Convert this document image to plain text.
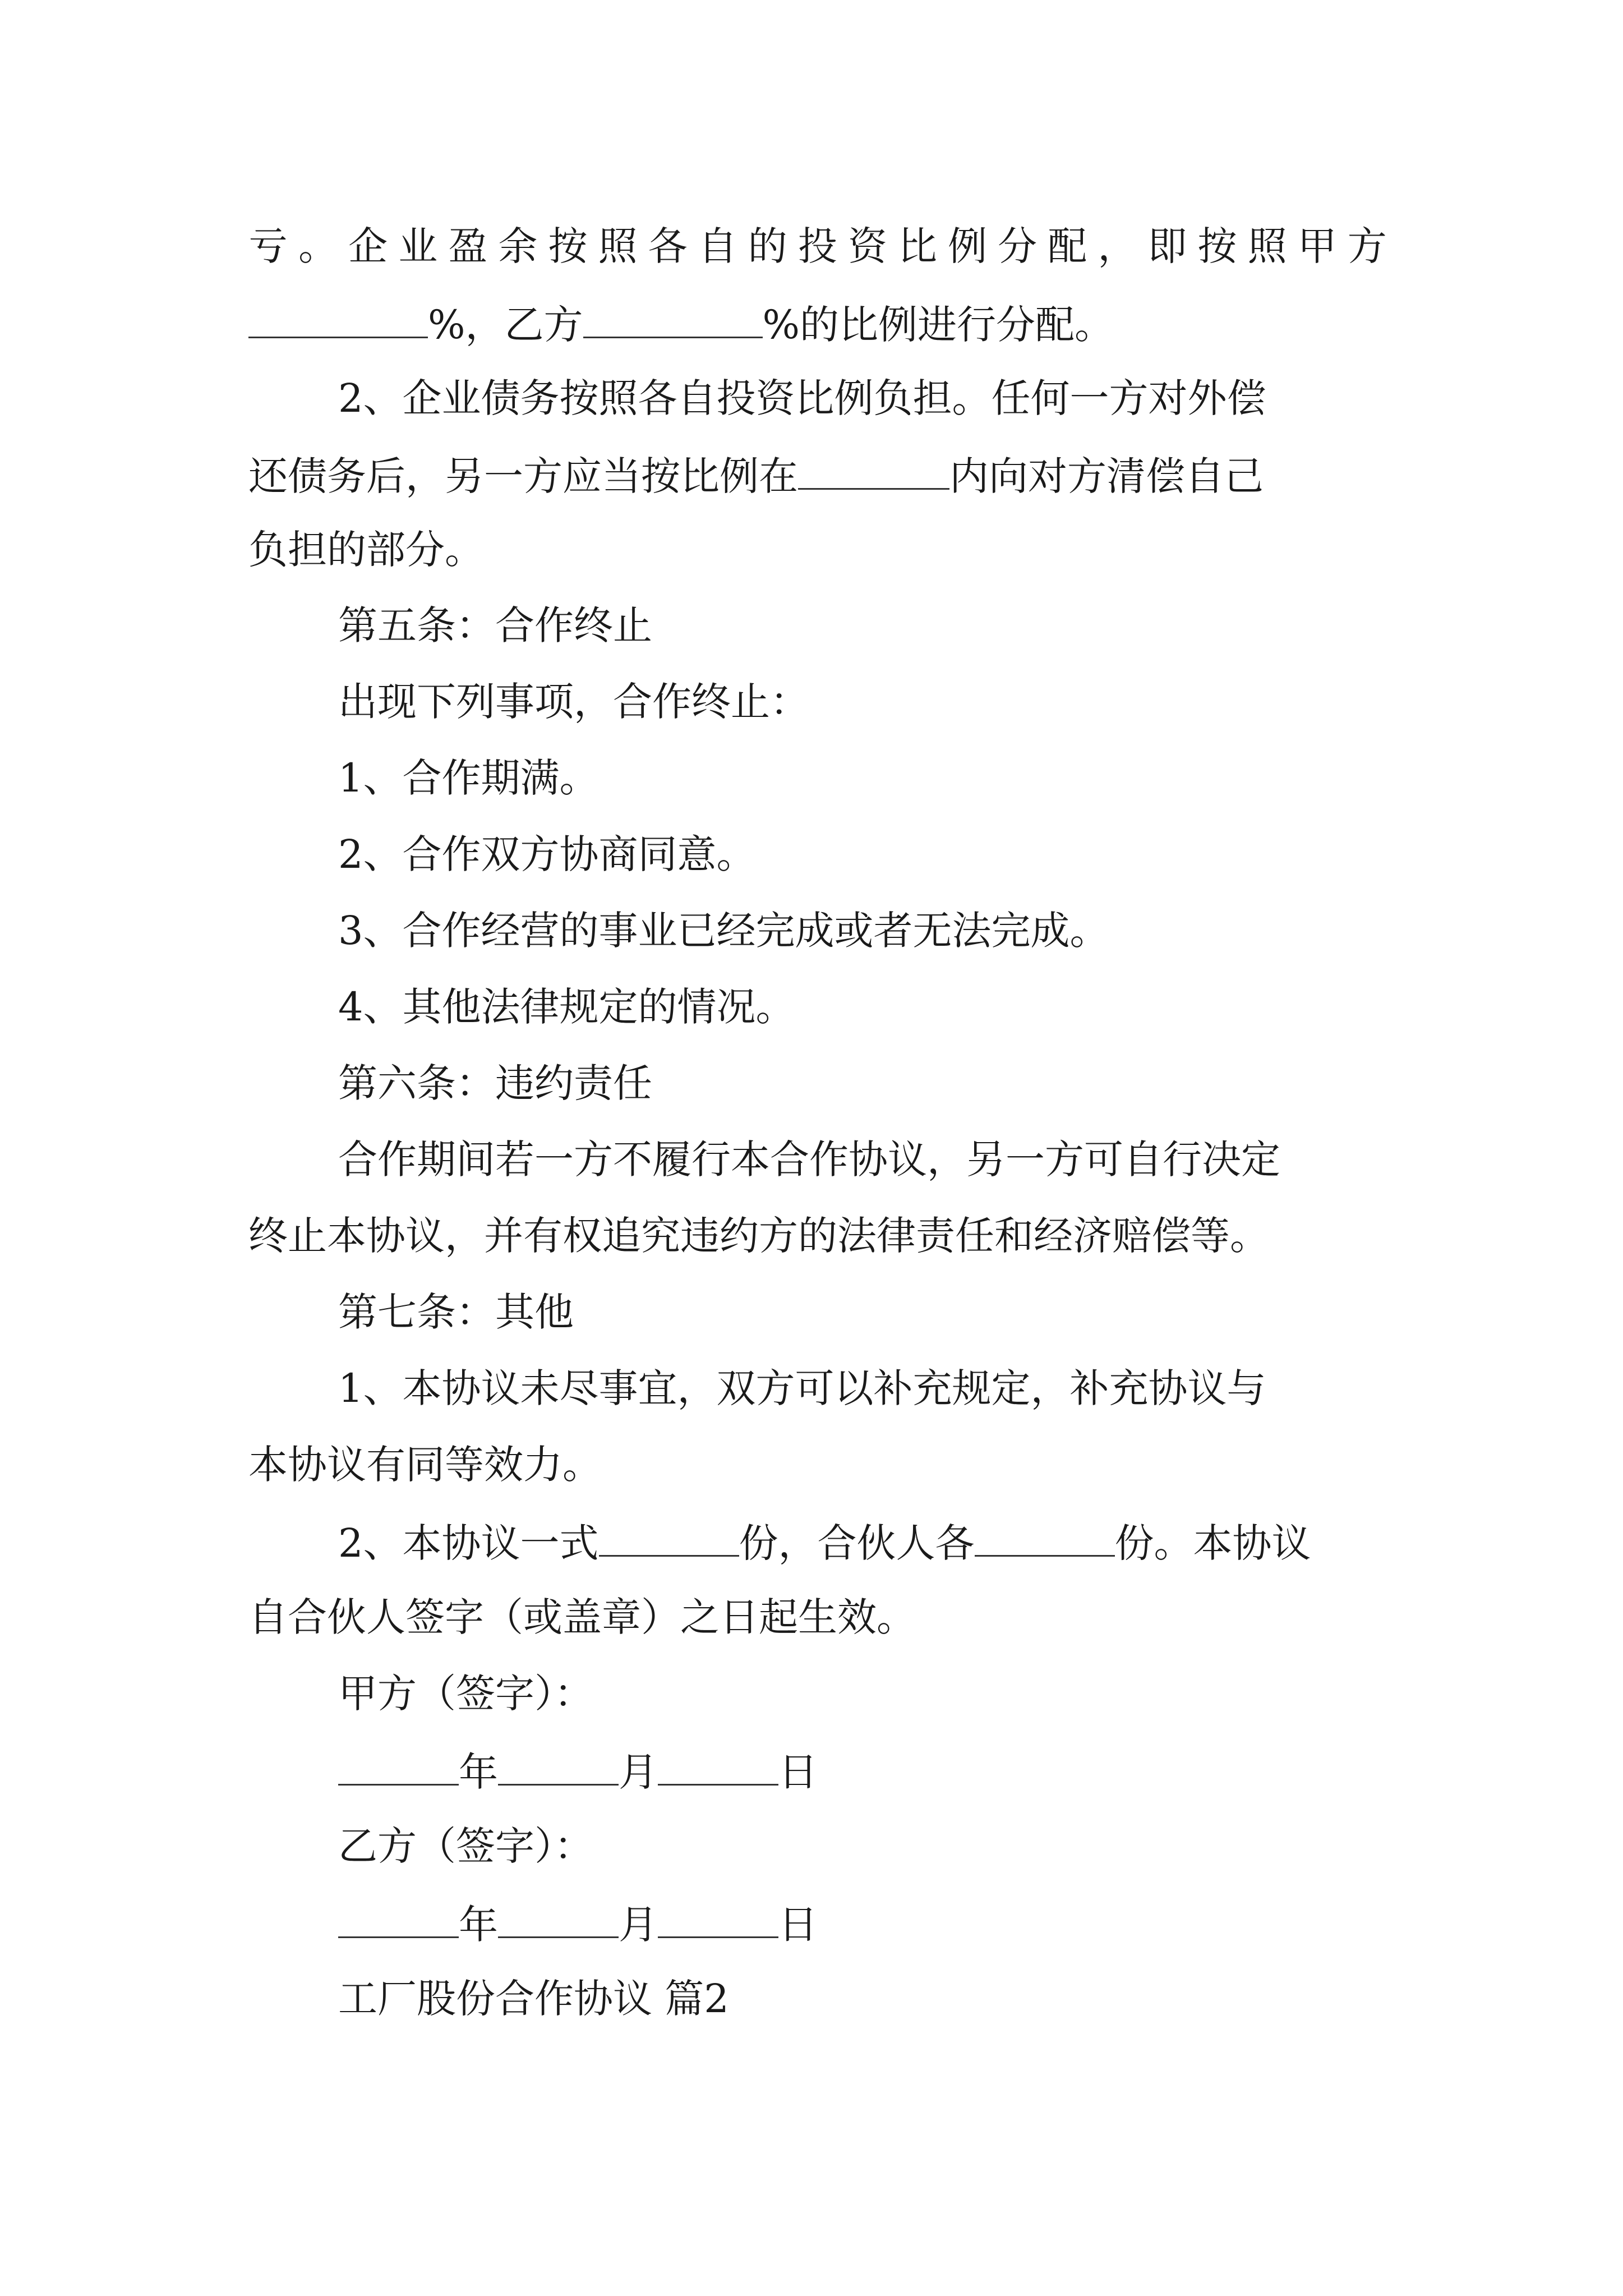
亏 。 企 业 盈 余 按 照 各 自 的 投 资 比 例 分 配 ， 即 按 照 甲 方
%，乙方	%的比例进行分配。
2、企业债务按照各自投资比例负担。任何一方对外偿
还债务后，另一方应当按比例在	内向对方清偿自己
负担的部分。
第五条：合作终止
出现下列事项，合作终止：
1、合作期满。
2、合作双方协商同意。
3、合作经营的事业已经完成或者无法完成。
4、其他法律规定的情况。
第六条：违约责任
合作期间若一方不履行本合作协议，另一方可自行决定
终止本协议，并有权追究违约方的法律责任和经济赔偿等。
第七条：其他
1、本协议未尽事宜，双方可以补充规定，补充协议与
本协议有同等效力。
2、本协议一式	份，合伙人各	份。本协议
自合伙人签字（或盖章）之日起生效。
甲方（签字）：
年	月	日
乙方（签字）：
年	月	日
工厂股份合作协议 篇2
